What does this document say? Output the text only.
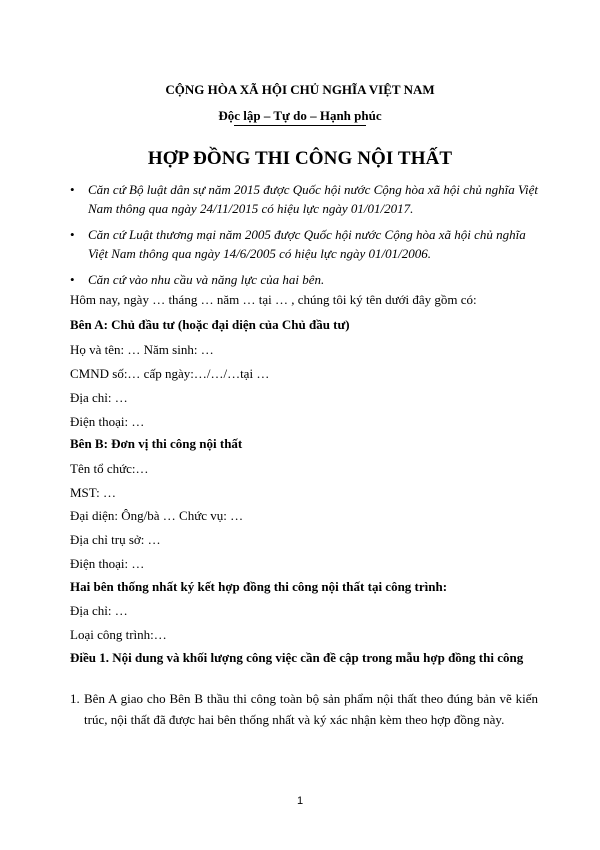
CỘNG HÒA XÃ HỘI CHỦ NGHĨA VIỆT NAM
Độc lập – Tự do – Hạnh phúc
HỢP ĐỒNG THI CÔNG NỘI THẤT
• Căn cứ Bộ luật dân sự năm 2015 được Quốc hội nước Cộng hòa xã hội chủ nghĩa Việt Nam thông qua ngày 24/11/2015 có hiệu lực ngày 01/01/2017.
• Căn cứ Luật thương mại năm 2005 được Quốc hội nước Cộng hòa xã hội chủ nghĩa Việt Nam thông qua ngày 14/6/2005 có hiệu lực ngày 01/01/2006.
• Căn cứ vào nhu cầu và năng lực của hai bên.
Hôm nay, ngày … tháng … năm … tại … , chúng tôi ký tên dưới đây gồm có:
Bên A: Chủ đầu tư (hoặc đại diện của Chủ đầu tư)
Họ và tên: … Năm sinh: …
CMND số:… cấp ngày:…/…/…tại …
Địa chỉ: …
Điện thoại: …
Bên B: Đơn vị thi công nội thất
Tên tổ chức:…
MST: …
Đại diện: Ông/bà … Chức vụ: …
Địa chỉ trụ sở: …
Điện thoại: …
Hai bên thống nhất ký kết hợp đồng thi công nội thất tại công trình:
Địa chỉ: …
Loại công trình:…
Điều 1. Nội dung và khối lượng công việc cần đề cập trong mẫu hợp đồng thi công
1. Bên A giao cho Bên B thầu thi công toàn bộ sản phẩm nội thất theo đúng bản vẽ kiến trúc, nội thất đã được hai bên thống nhất và ký xác nhận kèm theo hợp đồng này.
1
